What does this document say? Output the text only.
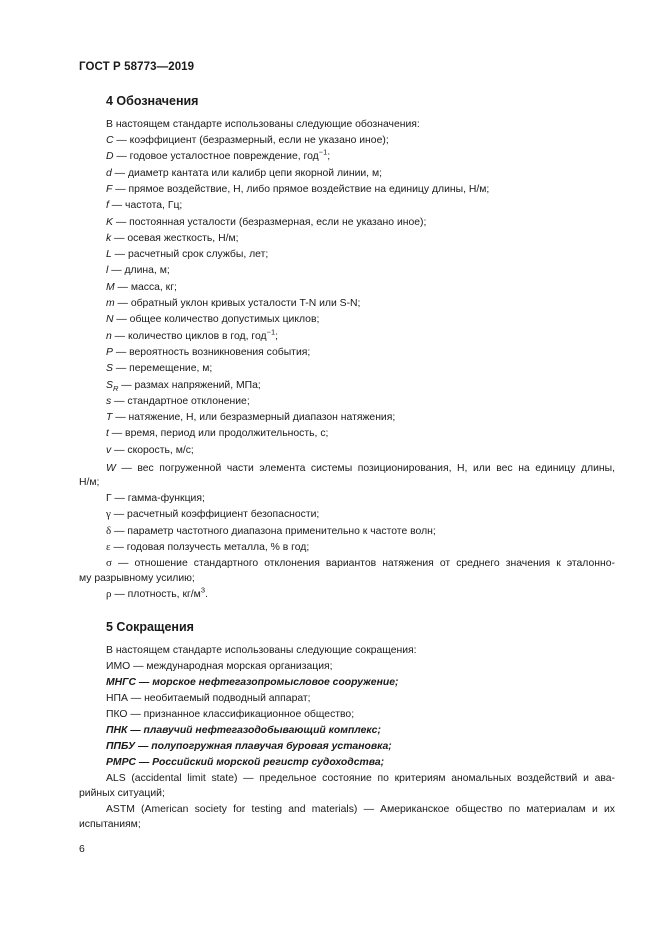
ГОСТ Р 58773—2019
4 Обозначения
В настоящем стандарте использованы следующие обозначения:
C — коэффициент (безразмерный, если не указано иное);
D — годовое усталостное повреждение, год$^{-1}$;
d — диаметр кантата или калибр цепи якорной линии, м;
F — прямое воздействие, Н, либо прямое воздействие на единицу длины, Н/м;
f — частота, Гц;
K — постоянная усталости (безразмерная, если не указано иное);
k — осевая жесткость, Н/м;
L — расчетный срок службы, лет;
l — длина, м;
M — масса, кг;
m — обратный уклон кривых усталости T-N или S-N;
N — общее количество допустимых циклов;
n — количество циклов в год, год$^{-1}$;
P — вероятность возникновения события;
S — перемещение, м;
$S_R$ — размах напряжений, МПа;
s — стандартное отклонение;
T — натяжение, Н, или безразмерный диапазон натяжения;
t — время, период или продолжительность, с;
v — скорость, м/с;
W — вес погруженной части элемента системы позиционирования, Н, или вес на единицу длины,
Н/м;
Г — гамма-функция;
γ — расчетный коэффициент безопасности;
δ — параметр частотного диапазона применительно к частоте волн;
ε — годовая ползучесть металла, % в год;
σ — отношение стандартного отклонения вариантов натяжения от среднего значения к эталонно-
му разрывному усилию;
ρ — плотность, $кг/м^3$.
5 Сокращения
В настоящем стандарте использованы следующие сокращения:
ИМО — международная морская организация;
МНГС — морское нефтегазопромысловое сооружение;
НПА — необитаемый подводный аппарат;
ПКО — признанное классификационное общество;
ПНК — плавучий нефтегазодобывающий комплекс;
ППБУ — полупогружная плавучая буровая установка;
РМРС — Российский морской регистр судоходства;
ALS (accidental limit state) — предельное состояние по критериям аномальных воздействий и ава-
рийных ситуаций;
ASTM (American society for testing and materials) — Американское общество по материалам и их
испытаниям;
6
